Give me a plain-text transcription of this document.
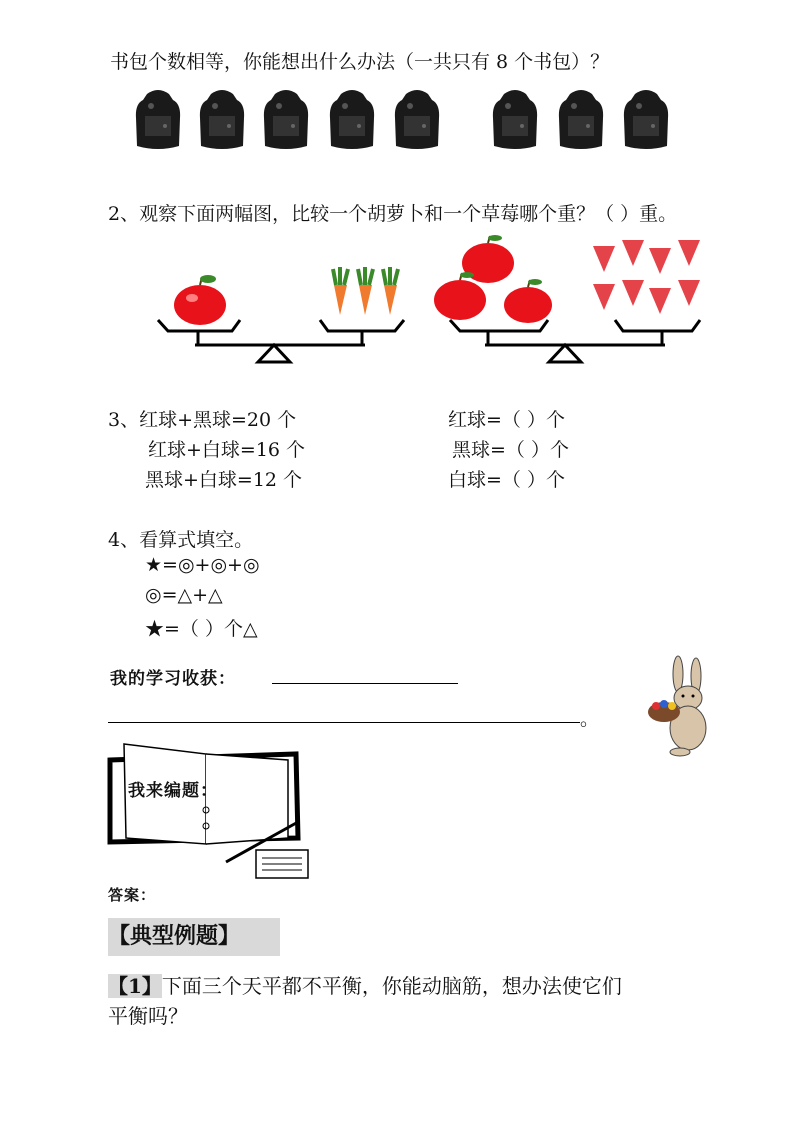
书包个数相等，你能想出什么办法（一共只有 8 个书包）？
2、观察下面两幅图，比较一个胡萝卜和一个草莓哪个重？（ ）重。
3、红球+黑球=20 个
红球+白球=16 个
黑球+白球=12 个
红球=（ ）个
黑球=（ ）个
白球=（ ）个
4、看算式填空。
★=◎+◎+◎
◎=△+△
★=（ ）个△
我的学习收获：
。
我来编题：
答案：
【典型例题】
【1】下面三个天平都不平衡，你能动脑筋，想办法使它们
平衡吗？
